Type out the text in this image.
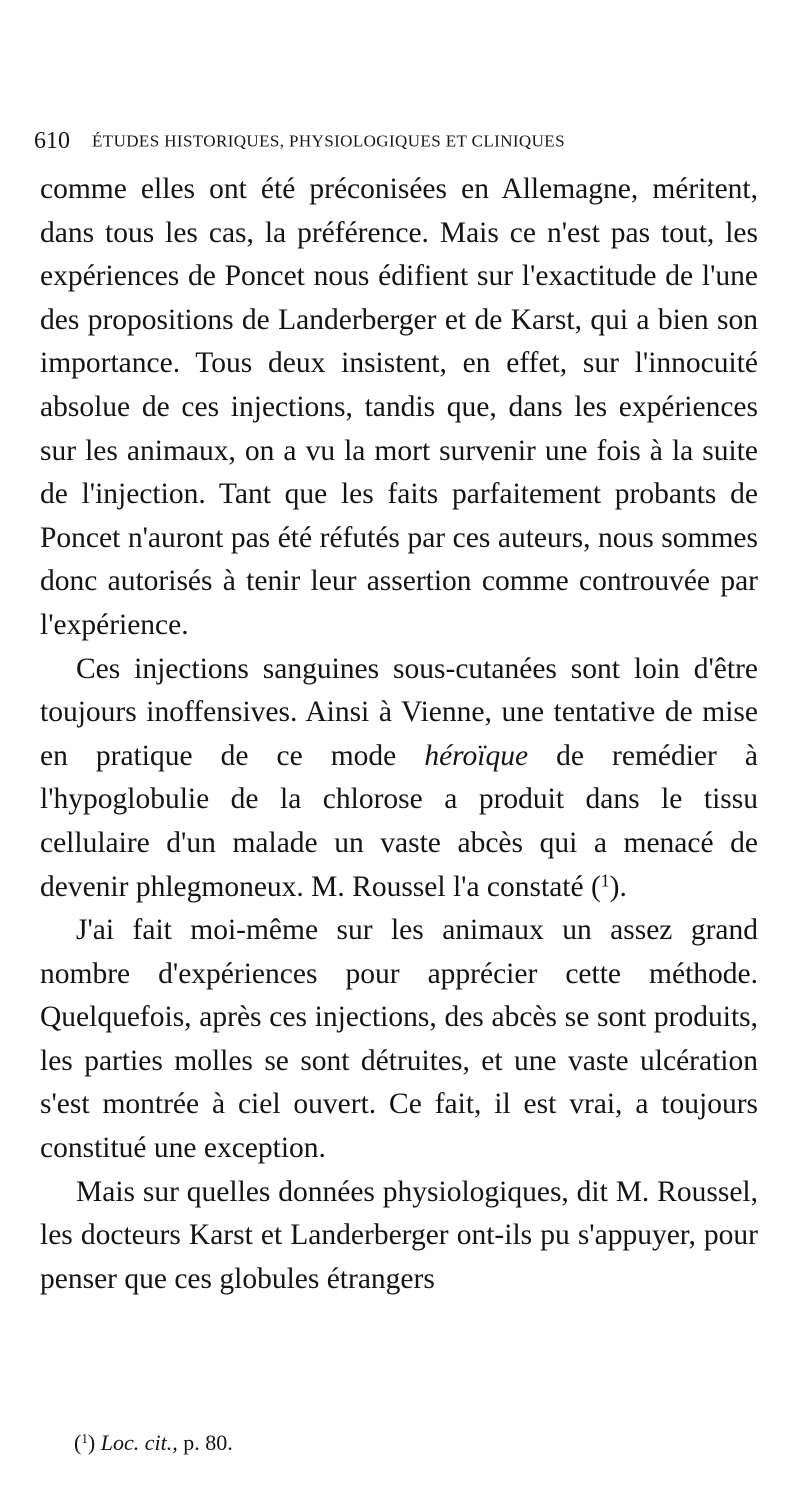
610 ÉTUDES HISTORIQUES, PHYSIOLOGIQUES ET CLINIQUES

comme elles ont été préconisées en Allemagne, méritent, dans tous les cas, la préférence. Mais ce n'est pas tout, les expériences de Poncet nous édifient sur l'exactitude de l'une des propositions de Landerberger et de Karst, qui a bien son importance. Tous deux insistent, en effet, sur l'innocuité absolue de ces injections, tandis que, dans les expériences sur les animaux, on a vu la mort survenir une fois à la suite de l'injection. Tant que les faits parfaitement probants de Poncet n'auront pas été réfutés par ces auteurs, nous sommes donc autorisés à tenir leur assertion comme controuvée par l'expérience.

Ces injections sanguines sous-cutanées sont loin d'être toujours inoffensives. Ainsi à Vienne, une tentative de mise en pratique de ce mode héroïque de remédier à l'hypoglobulie de la chlorose a produit dans le tissu cellulaire d'un malade un vaste abcès qui a menacé de devenir phlegmoneux. M. Roussel l'a constaté ($^1$).

J'ai fait moi-même sur les animaux un assez grand nombre d'expériences pour apprécier cette méthode. Quelquefois, après ces injections, des abcès se sont produits, les parties molles se sont détruites, et une vaste ulcération s'est montrée à ciel ouvert. Ce fait, il est vrai, a toujours constitué une exception.

Mais sur quelles données physiologiques, dit M. Roussel, les docteurs Karst et Landerberger ont-ils pu s'appuyer, pour penser que ces globules étrangers

($^1$) Loc. cit., p. 80.
